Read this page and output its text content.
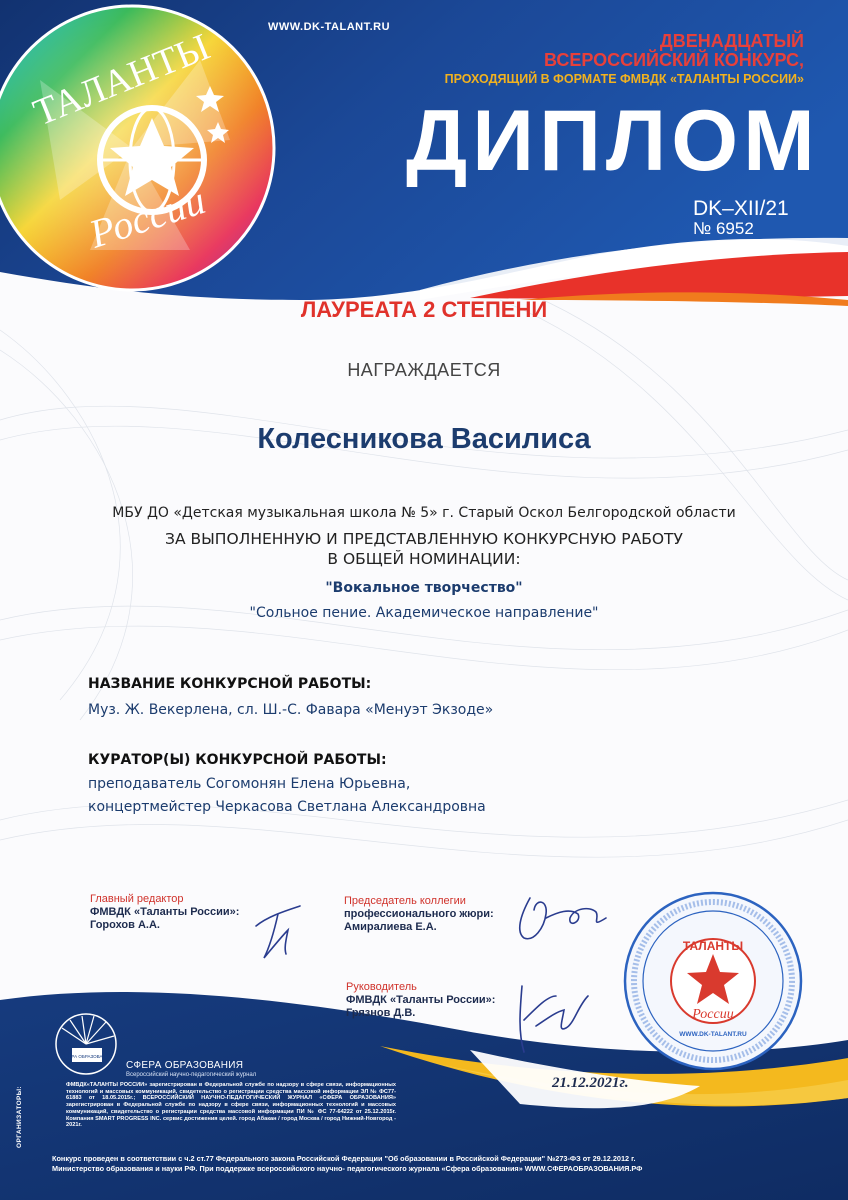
ТАЛАНТЫ
России
WWW.DK-TALANT.RU
ДВЕНАДЦАТЫЙ
ВСЕРОССИЙСКИЙ КОНКУРС,
ПРОХОДЯЩИЙ В ФОРМАТЕ ФМВДК «ТАЛАНТЫ РОССИИ»
ДИПЛОМ
DK–XII/21
№ 6952
ЛАУРЕАТА 2 СТЕПЕНИ
НАГРАЖДАЕТСЯ
Колесникова Василиса
МБУ ДО «Детская музыкальная школа № 5» г. Старый Оскол Белгородской области
ЗА ВЫПОЛНЕННУЮ И ПРЕДСТАВЛЕННУЮ КОНКУРСНУЮ РАБОТУ
В ОБЩЕЙ НОМИНАЦИИ:
"Вокальное творчество"
"Сольное пение. Академическое направление"
НАЗВАНИЕ КОНКУРСНОЙ РАБОТЫ:
Муз. Ж. Векерлена, сл. Ш.-С. Фавара «Менуэт Экзоде»
КУРАТОР(Ы) КОНКУРСНОЙ РАБОТЫ:
преподаватель Согомонян Елена Юрьевна,
концертмейстер Черкасова Светлана Александровна
Главный редактор
ФМВДК «Таланты России»:
Горохов А.А.
Председатель коллегии
профессионального жюри:
Амиралиева Е.А.
Руководитель
ФМВДК «Таланты России»:
Грязнов Д.В.
ТАЛАНТЫ
России
WWW.DK-TALANT.RU
СФЕРА ОБРАЗОВАНИЯ
СФЕРА ОБРАЗОВАНИЯ
Всероссийский научно-педагогический журнал	21.12.2021г.
ОРГАНИЗАТОРЫ:
ФМВДК«ТАЛАНТЫ РОССИИ» зарегистрирован в Федеральной службе по надзору в сфере связи, информационных технологий и массовых коммуникаций, свидетельство о регистрации средства массовой информации ЭЛ № ФС77-61883 от 18.05.2015г.; ВСЕРОССИЙСКИЙ НАУЧНО-ПЕДАГОГИЧЕСКИЙ ЖУРНАЛ «СФЕРА ОБРАЗОВАНИЯ» зарегистрирован в Федеральной службе по надзору в сфере связи, информационных технологий и массовых коммуникаций, свидетельство о регистрации средства массовой информации ПИ № ФС 77-64222 от 25.12.2015г. Компания SMART PROGRESS INC. сервис достижения целей. город Абакан / город Москва / город Нижний-Новгород - 2021г.
Конкурс проведен в соответствии с ч.2 ст.77 Федерального закона Российской Федерации "Об образовании в Российской Федерации" №273-ФЗ от 29.12.2012 г.
Министерство образования и науки РФ. При поддержке всероссийского научно- педагогического журнала «Сфера образования» WWW.СФЕРАОБРАЗОВАНИЯ.РФ
